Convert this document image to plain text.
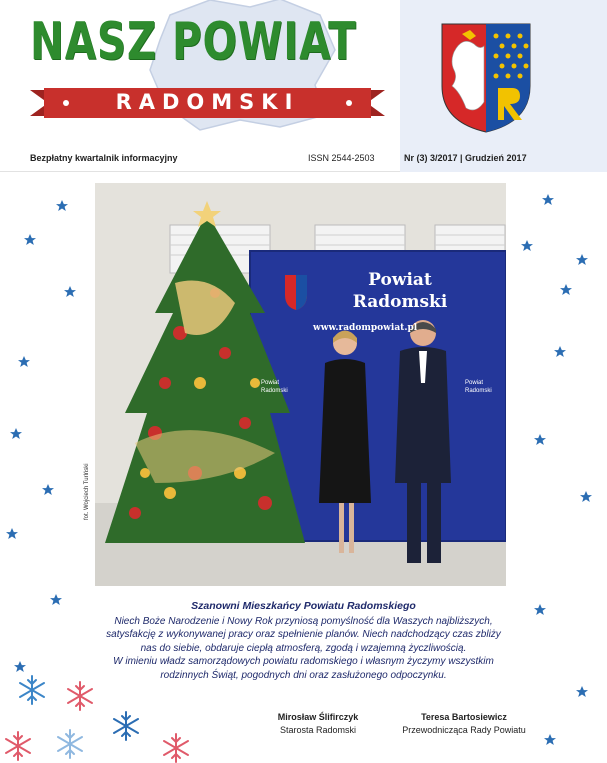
NASZ POWIAT
RADOMSKI
Bezpłatny kwartalnik informacyjny	ISSN 2544-2503	Nr (3) 3/2017 | Grudzień 2017
Powiat
Radomski
www.radompowiat.pl
Powiat Radomski
Powiat Radomski
fot. Wojciech Turlński
Szanowni Mieszkańcy Powiatu Radomskiego
Niech Boże Narodzenie i Nowy Rok przyniosą pomyślność dla Waszych najbliższych,
satysfakcję z wykonywanej pracy oraz spełnienie planów. Niech nadchodzący czas zbliży
nas do siebie, obdaruje ciepłą atmosferą, zgodą i wzajemną życzliwością.
W imieniu władz samorządowych powiatu radomskiego i własnym życzymy wszystkim
rodzinnych Świąt, pogodnych dni oraz zasłużonego odpoczynku.
Mirosław Ślifirczyk
Starosta Radomski
Teresa Bartosiewicz
Przewodnicząca Rady Powiatu
